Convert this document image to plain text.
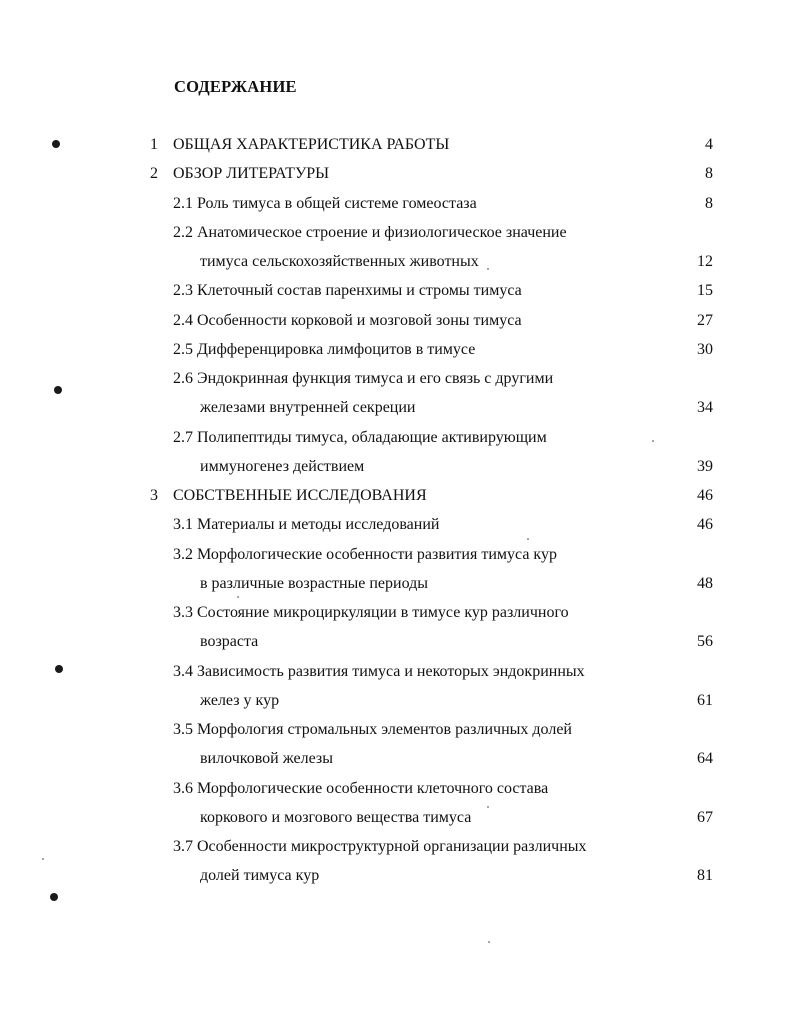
СОДЕРЖАНИЕ
1 ОБЩАЯ ХАРАКТЕРИСТИКА РАБОТЫ	4
2 ОБЗОР ЛИТЕРАТУРЫ	8
2.1 Роль тимуса в общей системе гомеостаза	8
2.2 Анатомическое строение и физиологическое значение
тимуса сельскохозяйственных животных	12
2.3 Клеточный состав паренхимы и стромы тимуса	15
2.4 Особенности корковой и мозговой зоны тимуса	27
2.5 Дифференцировка лимфоцитов в тимусе	30
2.6 Эндокринная функция тимуса и его связь с другими
железами внутренней секреции	34
2.7 Полипептиды тимуса, обладающие активирующим
иммуногенез действием	39
3 СОБСТВЕННЫЕ ИССЛЕДОВАНИЯ	46
3.1 Материалы и методы исследований	46
3.2 Морфологические особенности развития тимуса кур
в различные возрастные периоды	48
3.3 Состояние микроциркуляции в тимусе кур различного
возраста	56
3.4 Зависимость развития тимуса и некоторых эндокринных
желез у кур	61
3.5 Морфология стромальных элементов различных долей
вилочковой железы	64
3.6 Морфологические особенности клеточного состава
коркового и мозгового вещества тимуса	67
3.7 Особенности микроструктурной организации различных
долей тимуса кур	81
